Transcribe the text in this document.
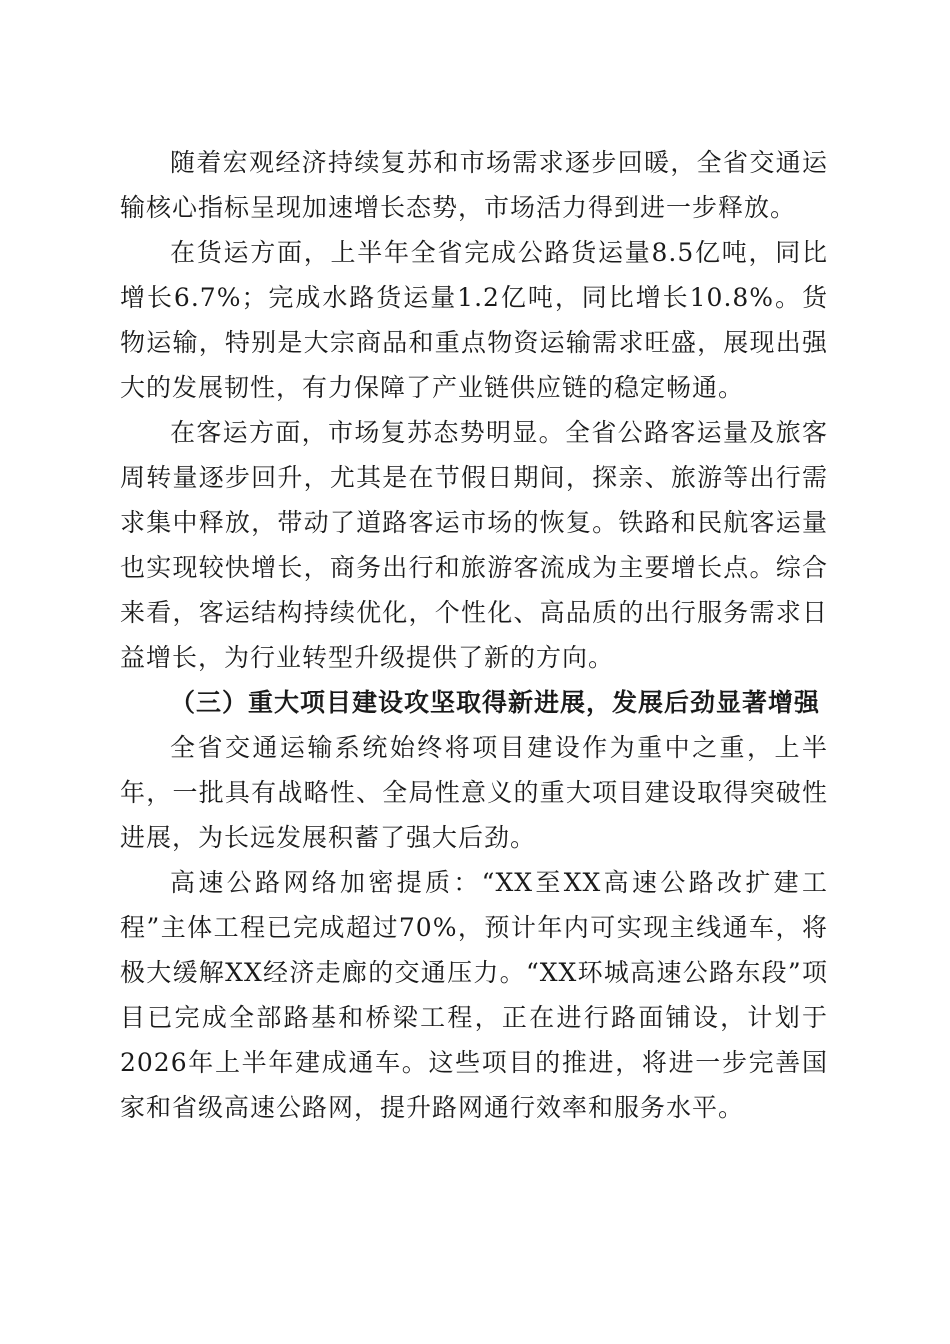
随着宏观经济持续复苏和市场需求逐步回暖，全省交通运输核心指标呈现加速增长态势，市场活力得到进一步释放。

在货运方面，上半年全省完成公路货运量8.5亿吨，同比增长6.7%；完成水路货运量1.2亿吨，同比增长10.8%。货物运输，特别是大宗商品和重点物资运输需求旺盛，展现出强大的发展韧性，有力保障了产业链供应链的稳定畅通。

在客运方面，市场复苏态势明显。全省公路客运量及旅客周转量逐步回升，尤其是在节假日期间，探亲、旅游等出行需求集中释放，带动了道路客运市场的恢复。铁路和民航客运量也实现较快增长，商务出行和旅游客流成为主要增长点。综合来看，客运结构持续优化，个性化、高品质的出行服务需求日益增长，为行业转型升级提供了新的方向。

（三）重大项目建设攻坚取得新进展，发展后劲显著增强

全省交通运输系统始终将项目建设作为重中之重，上半年，一批具有战略性、全局性意义的重大项目建设取得突破性进展，为长远发展积蓄了强大后劲。

高速公路网络加密提质：“XX至XX高速公路改扩建工程”主体工程已完成超过70%，预计年内可实现主线通车，将极大缓解XX经济走廊的交通压力。“XX环城高速公路东段”项目已完成全部路基和桥梁工程，正在进行路面铺设，计划于2026年上半年建成通车。这些项目的推进，将进一步完善国家和省级高速公路网，提升路网通行效率和服务水平。
